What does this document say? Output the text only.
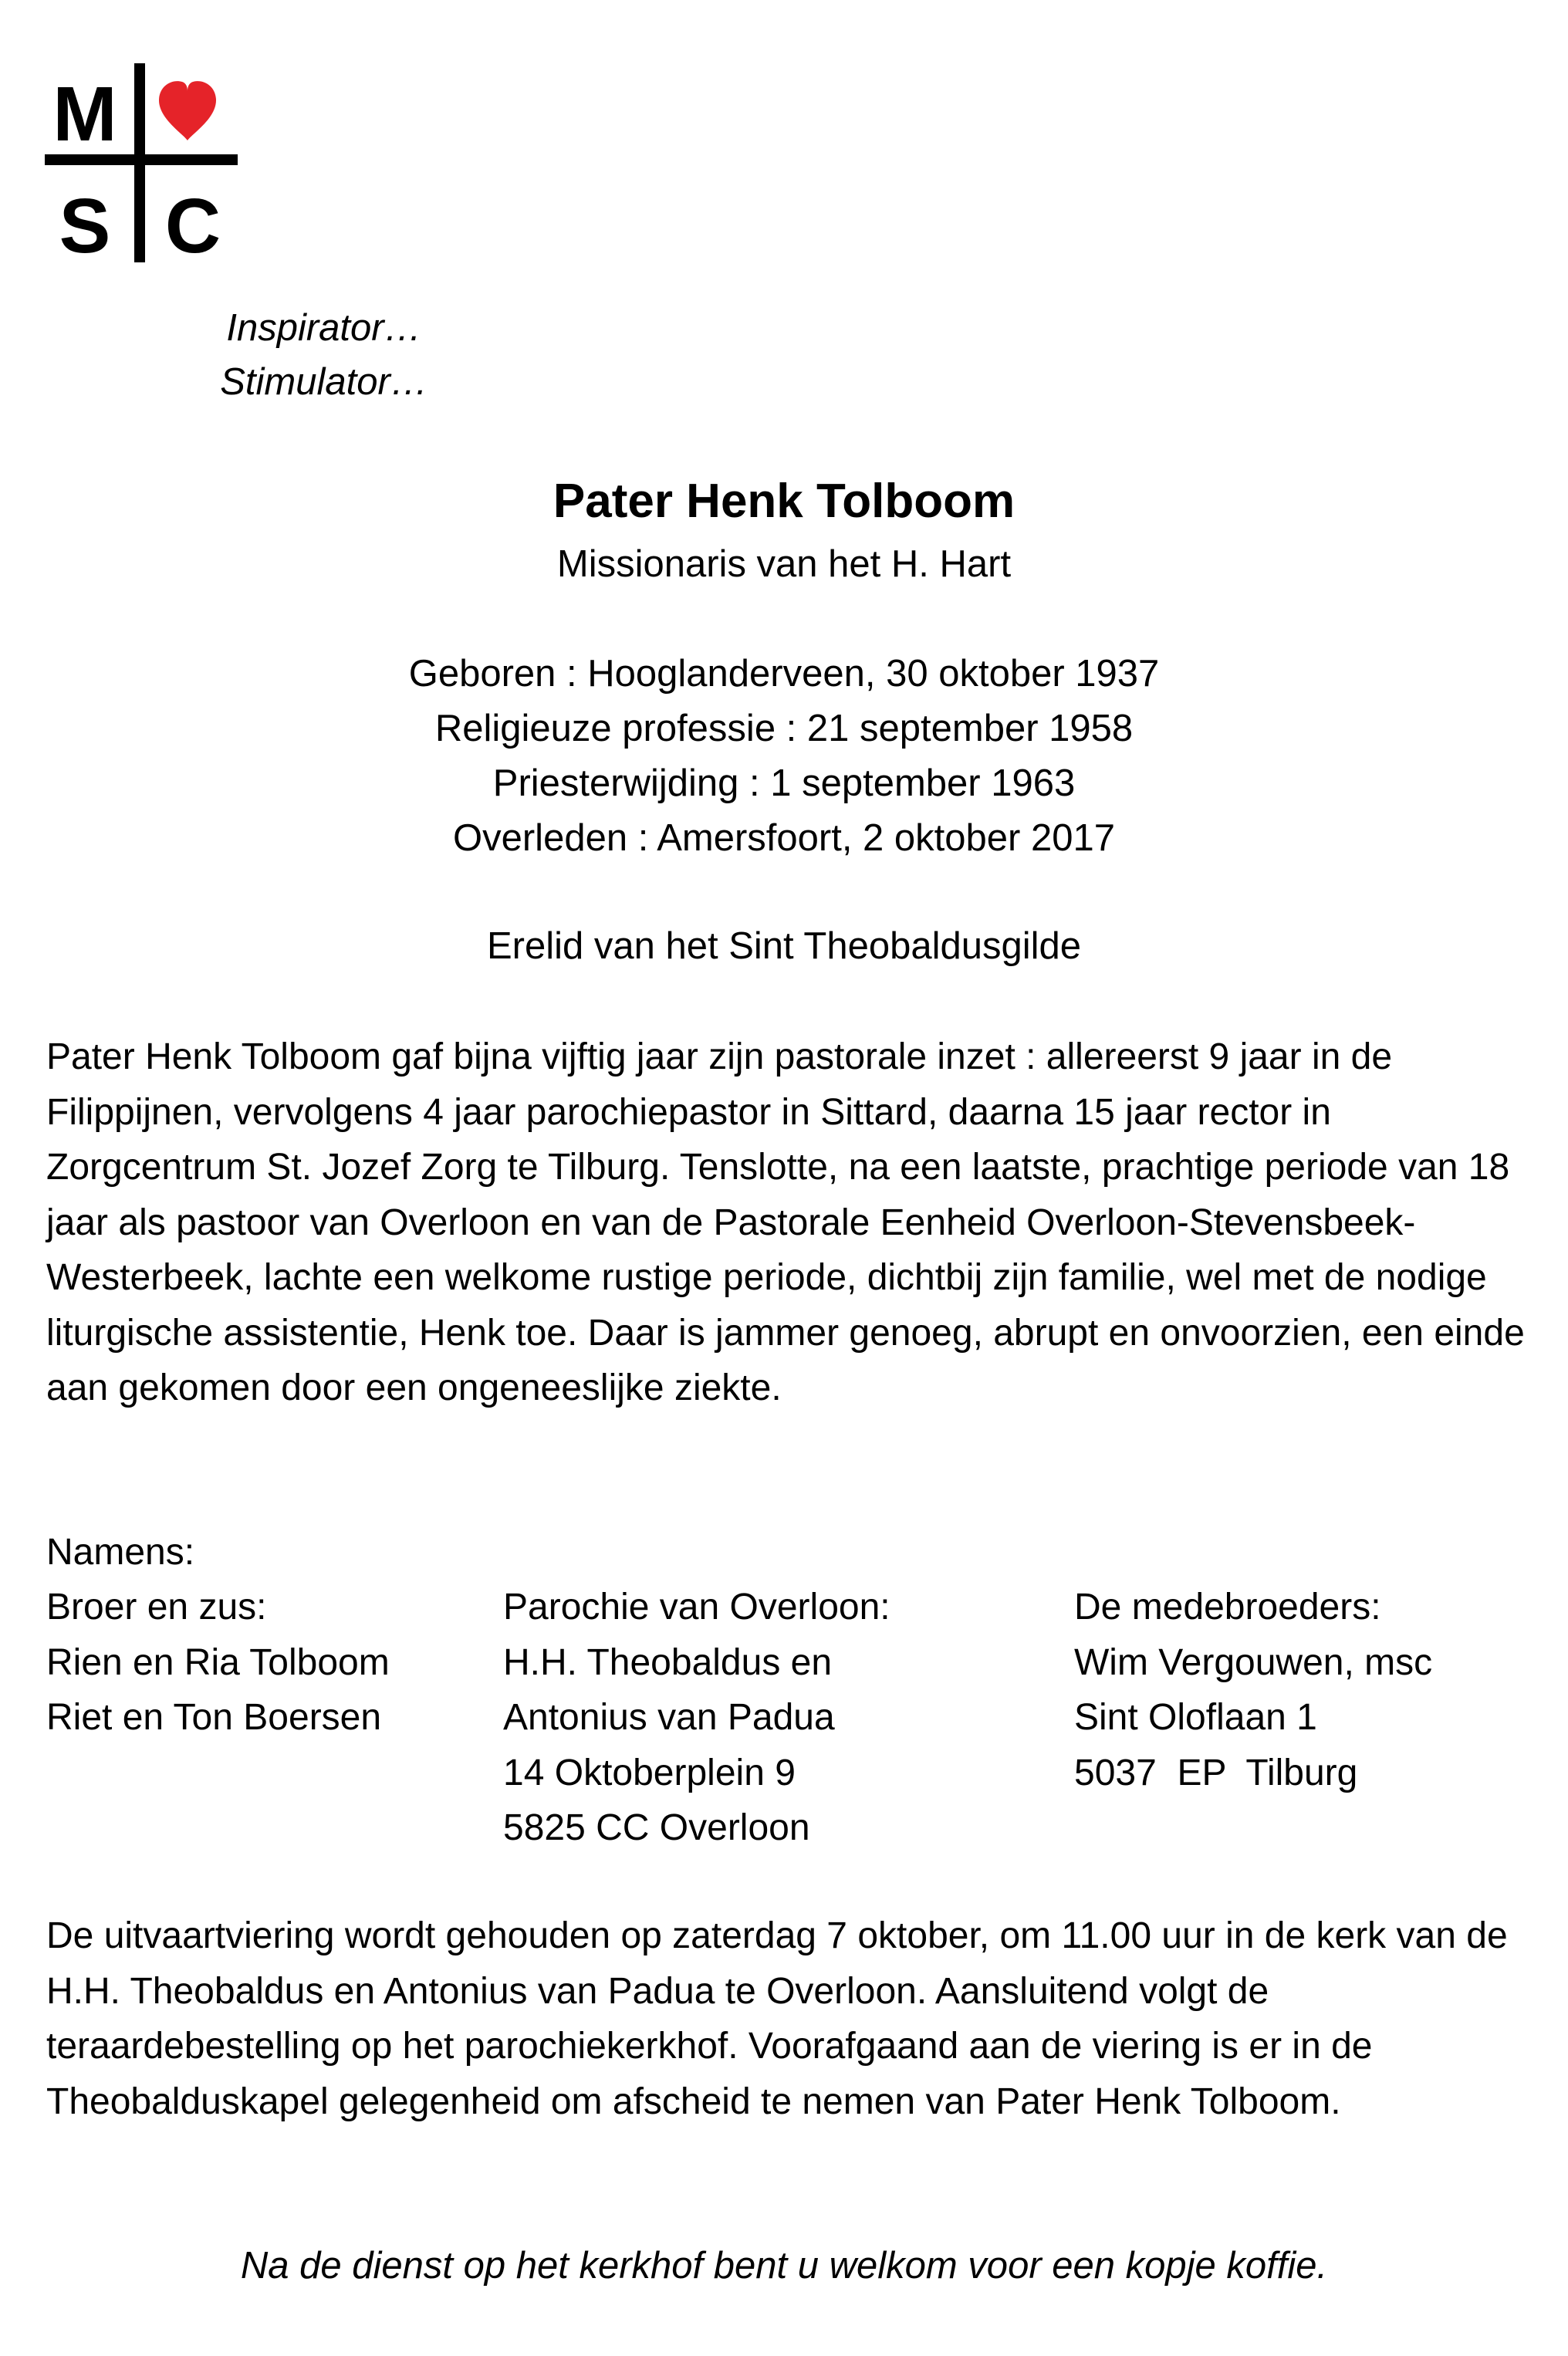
M
S C
Inspirator…
Stimulator…
Pater Henk Tolboom
Missionaris van het H. Hart
Geboren : Hooglanderveen, 30 oktober 1937
Religieuze professie : 21 september 1958
Priesterwijding : 1 september 1963
Overleden : Amersfoort, 2 oktober 2017
Erelid van het Sint Theobaldusgilde
Pater Henk Tolboom gaf bijna vijftig jaar zijn pastorale inzet : allereerst 9 jaar in de Filippijnen, vervolgens 4 jaar parochiepastor in Sittard, daarna 15 jaar rector in Zorgcentrum St. Jozef Zorg te Tilburg. Tenslotte, na een laatste, prachtige periode van 18 jaar als pastoor van Overloon en van de Pastorale Eenheid Overloon-Stevensbeek-Westerbeek, lachte een welkome rustige periode, dichtbij zijn familie, wel met de nodige liturgische assistentie, Henk toe. Daar is jammer genoeg, abrupt en onvoorzien, een einde aan gekomen door een ongeneeslijke ziekte.
Namens:
Broer en zus:
Rien en Ria Tolboom
Riet en Ton Boersen
Parochie van Overloon:
H.H. Theobaldus en
Antonius van Padua
14 Oktoberplein 9
5825 CC Overloon
De medebroeders:
Wim Vergouwen, msc
Sint Oloflaan 1
5037  EP  Tilburg
De uitvaartviering wordt gehouden op zaterdag 7 oktober, om 11.00 uur in de kerk van de H.H. Theobaldus en Antonius van Padua te Overloon. Aansluitend volgt de teraardebestelling op het parochiekerkhof. Voorafgaand aan de viering is er in de Theobalduskapel gelegenheid om afscheid te nemen van Pater Henk Tolboom.
Na de dienst op het kerkhof bent u welkom voor een kopje koffie.
